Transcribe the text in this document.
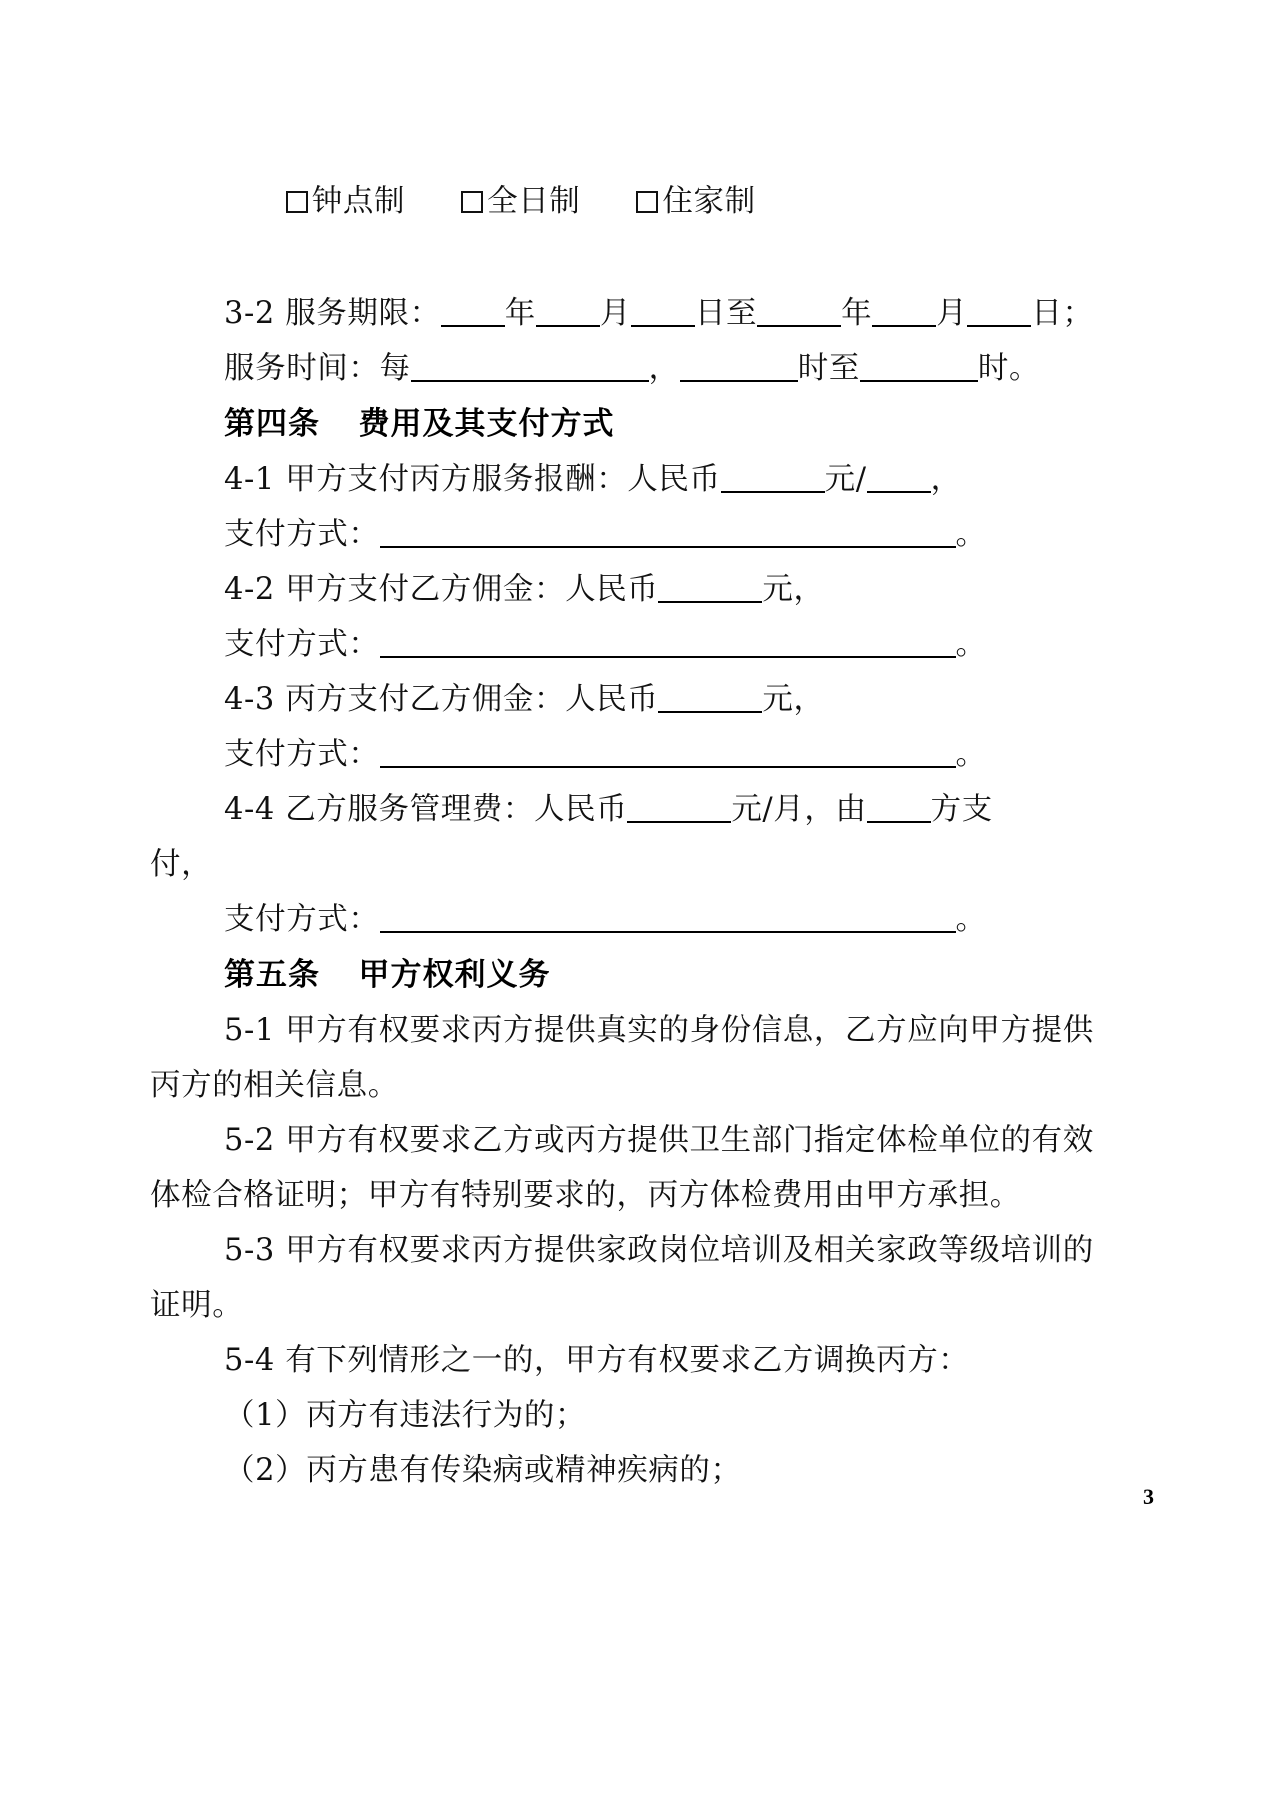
钟点制	全日制	住家制

3-2 服务期限： 年 月 日至	年 月 日；
服务时间：每	，	时至	时。
第四条    费用及其支付方式
4-1 甲方支付丙方服务报酬：人民币	元/ ，
支付方式：	。
4-2 甲方支付乙方佣金：人民币	元，
支付方式：	。
4-3 丙方支付乙方佣金：人民币	元，
支付方式：	。
4-4 乙方服务管理费：人民币	元/月，由 方支
付，
支付方式：	。
第五条    甲方权利义务
5-1 甲方有权要求丙方提供真实的身份信息，乙方应向甲方提供丙方的相关信息。
5-2 甲方有权要求乙方或丙方提供卫生部门指定体检单位的有效体检合格证明；甲方有特别要求的，丙方体检费用由甲方承担。
5-3 甲方有权要求丙方提供家政岗位培训及相关家政等级培训的证明。
5-4 有下列情形之一的，甲方有权要求乙方调换丙方：
（1）丙方有违法行为的；
（2）丙方患有传染病或精神疾病的；
3
